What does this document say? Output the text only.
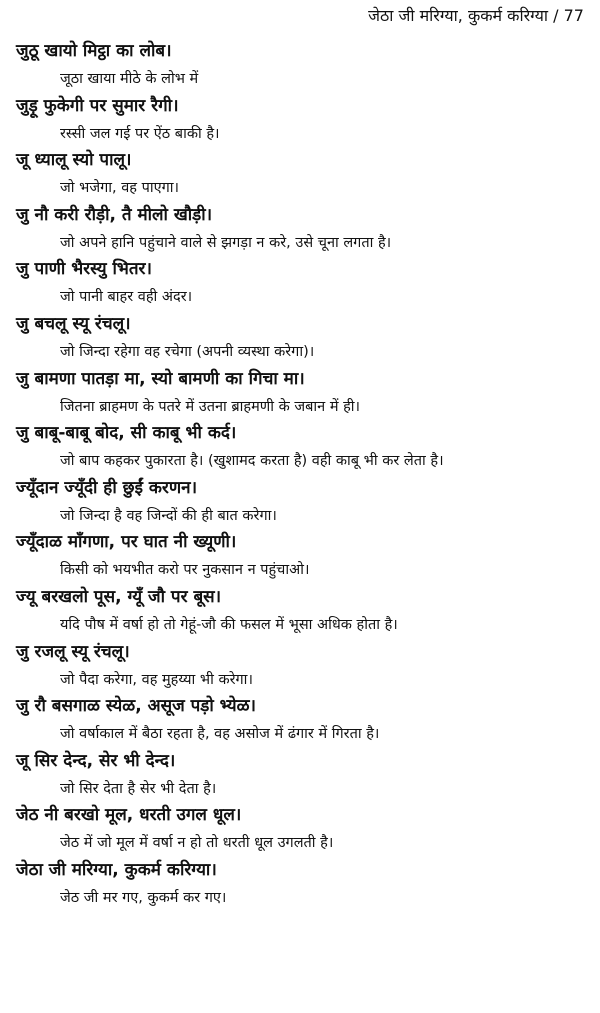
जेठा जी मरिग्या, कुकर्म करिग्या / 77
जुठू खायो मिट्ठा का लोब।
जूठा खाया मीठे के लोभ में
जुड़ू फुकेगी पर सुमार रैगी।
रस्सी जल गई पर ऐंठ बाकी है।
जू ध्यालू स्यो पालू।
जो भजेगा, वह पाएगा।
जु नौ करी रौड़ी, तै मीलो खौड़ी।
जो अपने हानि पहुंचाने वाले से झगड़ा न करे, उसे चूना लगता है।
जु पाणी भैरस्यु भितर।
जो पानी बाहर वही अंदर।
जु बचलू स्यू रंचलू।
जो जिन्दा रहेगा वह रचेगा (अपनी व्यस्था करेगा)।
जु बामणा पातड़ा मा, स्यो बामणी का गिचा मा।
जितना ब्राहमण के पतरे में उतना ब्राहमणी के जबान में ही।
जु बाबू-बाबू बोद, सी काबू भी कर्द।
जो बाप कहकर पुकारता है। (खुशामद करता है) वही काबू भी कर लेता है।
ज्यूँदान ज्यूँदी ही छुईं करणन।
जो जिन्दा है वह जिन्दों की ही बात करेगा।
ज्यूँदाळ माँगणा, पर घात नी ख्यूणी।
किसी को भयभीत करो पर नुकसान न पहुंचाओ।
ज्यू बरखलो पूस, ग्यूँ जौ पर बूस।
यदि पौष में वर्षा हो तो गेहूं-जौ की फसल में भूसा अधिक होता है।
जु रजलू स्यू रंचलू।
जो पैदा करेगा, वह मुहय्या भी करेगा।
जु रौ बसगाळ स्येळ, असूज पड़ो भ्येळ।
जो वर्षाकाल में बैठा रहता है, वह असोज में ढंगार में गिरता है।
जू सिर देन्द, सेर भी देन्द।
जो सिर देता है सेर भी देता है।
जेठ नी बरखो मूल, धरती उगल धूल।
जेठ में जो मूल में वर्षा न हो तो धरती धूल उगलती है।
जेठा जी मरिग्या, कुकर्म करिग्या।
जेठ जी मर गए, कुकर्म कर गए।
